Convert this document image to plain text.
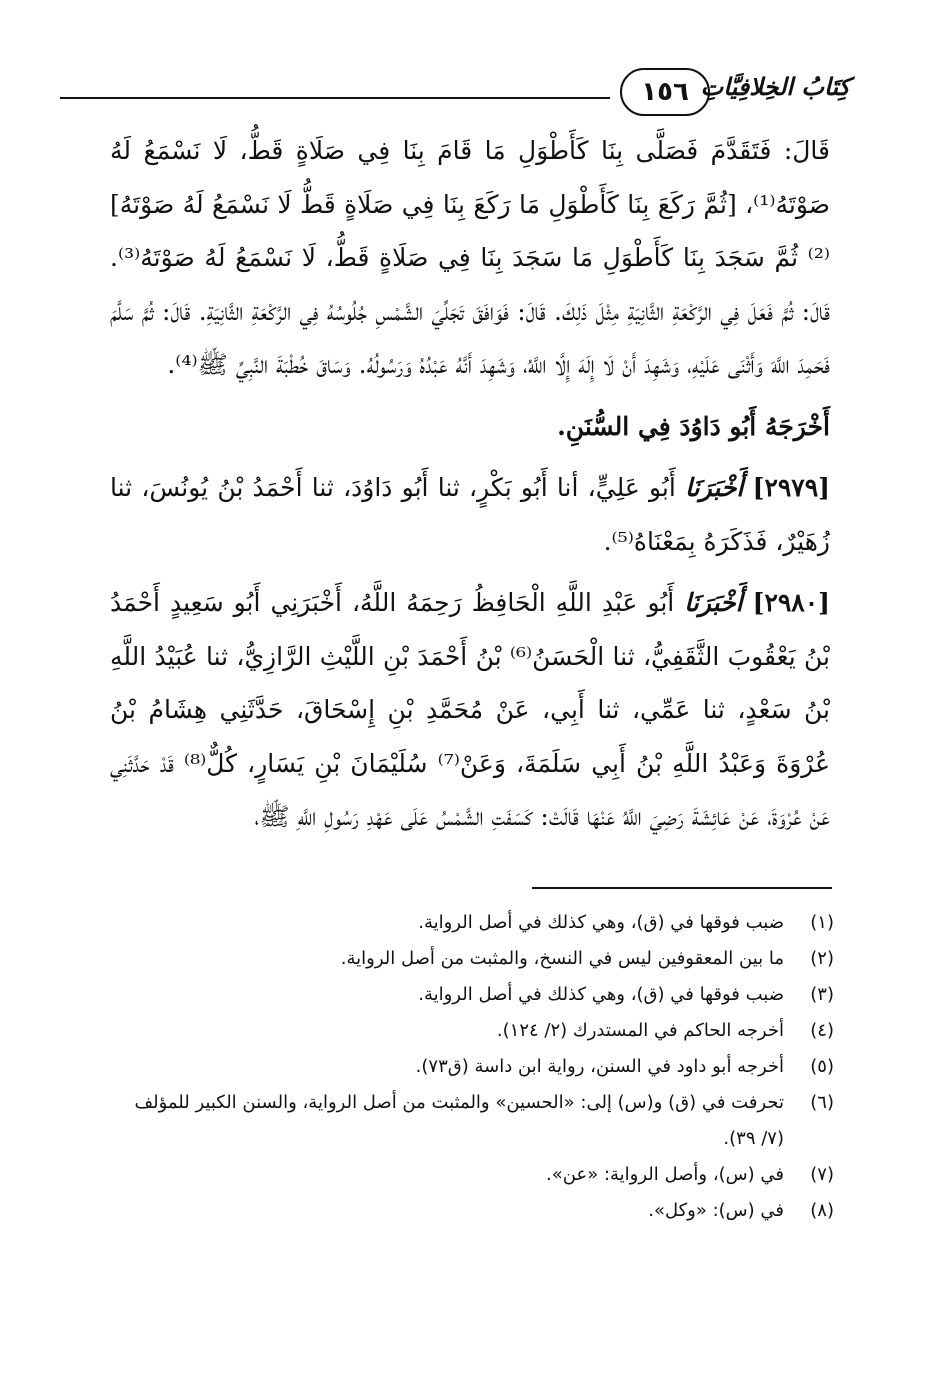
كِتَابُ الخِلافِيَّاتِ
١٥٦

قَالَ: فَتَقَدَّمَ فَصَلَّى بِنَا كَأَطْوَلِ مَا قَامَ بِنَا فِي صَلَاةٍ قَطُّ، لَا نَسْمَعُ لَهُ صَوْتَهُ⁽¹⁾، [ثُمَّ رَكَعَ بِنَا كَأَطْوَلِ مَا رَكَعَ بِنَا فِي صَلَاةٍ قَطُّ لَا نَسْمَعُ لَهُ صَوْتَهُ]⁽²⁾ ثُمَّ سَجَدَ بِنَا كَأَطْوَلِ مَا سَجَدَ بِنَا فِي صَلَاةٍ قَطُّ، لَا نَسْمَعُ لَهُ صَوْتَهُ⁽³⁾. قَالَ: ثُمَّ فَعَلَ فِي الرَّكْعَةِ الثَّانِيَةِ مِثْلَ ذَلِكَ. قَالَ: فَوَافَقَ تَجَلِّيَ الشَّمْسِ جُلُوسُهُ فِي الرَّكْعَةِ الثَّانِيَةِ. قَالَ: ثُمَّ سَلَّمَ فَحَمِدَ اللَّهَ وَأَثْنَى عَلَيْهِ، وَشَهِدَ أَنْ لَا إِلَهَ إِلَّا اللَّهُ، وَشَهِدَ أَنَّهُ عَبْدُهُ وَرَسُولُهُ. وَسَاقَ خُطْبَةَ النَّبِيِّ ﷺ⁽⁴⁾.

أَخْرَجَهُ أَبُو دَاوُدَ فِي السُّنَنِ.

[٢٩٧٩] أَخْبَرَنَا أَبُو عَلِيٍّ، أنا أَبُو بَكْرٍ، ثنا أَبُو دَاوُدَ، ثنا أَحْمَدُ بْنُ يُونُسَ، ثنا زُهَيْرٌ، فَذَكَرَهُ بِمَعْنَاهُ⁽⁵⁾.

[٢٩٨٠] أَخْبَرَنَا أَبُو عَبْدِ اللَّهِ الْحَافِظُ رَحِمَهُ اللَّهُ، أَخْبَرَنِي أَبُو سَعِيدٍ أَحْمَدُ بْنُ يَعْقُوبَ الثَّقَفِيُّ، ثنا الْحَسَنُ⁽⁶⁾ بْنُ أَحْمَدَ بْنِ اللَّيْثِ الرَّازِيُّ، ثنا عُبَيْدُ اللَّهِ بْنُ سَعْدٍ، ثنا عَمِّي، ثنا أَبِي، عَنْ مُحَمَّدِ بْنِ إِسْحَاقَ، حَدَّثَنِي هِشَامُ بْنُ عُرْوَةَ وَعَبْدُ اللَّهِ بْنُ أَبِي سَلَمَةَ، وَعَنْ⁽⁷⁾ سُلَيْمَانَ بْنِ يَسَارٍ، كُلٌّ⁽⁸⁾ قَدْ حَدَّثَنِي عَنْ عُرْوَةَ، عَنْ عَائِشَةَ رَضِيَ اللَّهُ عَنْهَا قَالَتْ: كَسَفَتِ الشَّمْسُ عَلَى عَهْدِ رَسُولِ اللَّهِ ﷺ،

(١)
ضبب فوقها في (ق)، وهي كذلك في أصل الرواية.
(٢)
ما بين المعقوفين ليس في النسخ، والمثبت من أصل الرواية.
(٣)
ضبب فوقها في (ق)، وهي كذلك في أصل الرواية.
(٤)
أخرجه الحاكم في المستدرك (٢/ ١٢٤).
(٥)
أخرجه أبو داود في السنن، رواية ابن داسة (ق٧٣).
(٦)
تحرفت في (ق) و(س) إلى: «الحسين» والمثبت من أصل الرواية، والسنن الكبير للمؤلف (٧/ ٣٩).
(٧)
في (س)، وأصل الرواية: «عن».
(٨)
في (س): «وكل».
